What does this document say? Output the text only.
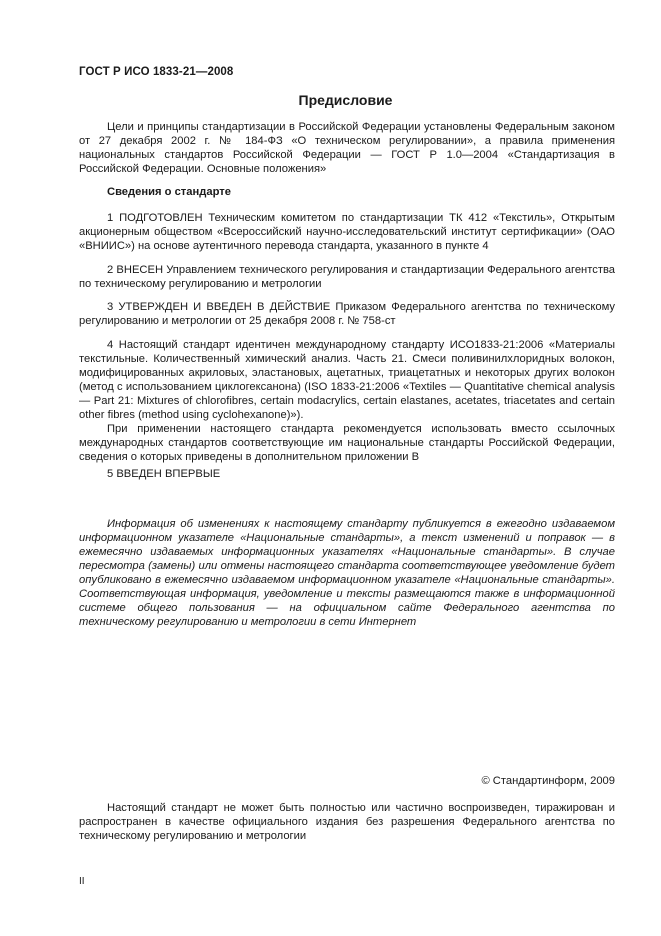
ГОСТ Р ИСО 1833-21—2008
Предисловие

Цели и принципы стандартизации в Российской Федерации установлены Федеральным законом от 27 декабря 2002 г. № 184-ФЗ «О техническом регулировании», а правила применения национальных стандартов Российской Федерации — ГОСТ Р 1.0—2004 «Стандартизация в Российской Федерации. Основные положения»

Сведения о стандарте

1 ПОДГОТОВЛЕН Техническим комитетом по стандартизации ТК 412 «Текстиль», Открытым акционерным обществом «Всероссийский научно-исследовательский институт сертификации» (ОАО «ВНИИС») на основе аутентичного перевода стандарта, указанного в пункте 4

2 ВНЕСЕН Управлением технического регулирования и стандартизации Федерального агентства по техническому регулированию и метрологии

3 УТВЕРЖДЕН И ВВЕДЕН В ДЕЙСТВИЕ Приказом Федерального агентства по техническому регулированию и метрологии от 25 декабря 2008 г. № 758-ст

4 Настоящий стандарт идентичен международному стандарту ИСО1833-21:2006 «Материалы текстильные. Количественный химический анализ. Часть 21. Смеси поливинилхлоридных волокон, модифицированных акриловых, эластановых, ацетатных, триацетатных и некоторых других волокон (метод с использованием циклогексанона) (ISO 1833-21:2006 «Textiles — Quantitative chemical analysis — Part 21: Mixtures of chlorofibres, certain modacrylics, certain elastanes, acetates, triacetates and certain other fibres (method using cyclohexanone)»).

При применении настоящего стандарта рекомендуется использовать вместо ссылочных международных стандартов соответствующие им национальные стандарты Российской Федерации, сведения о которых приведены в дополнительном приложении В

5 ВВЕДЕН ВПЕРВЫЕ

Информация об изменениях к настоящему стандарту публикуется в ежегодно издаваемом информационном указателе «Национальные стандарты», а текст изменений и поправок — в ежемесячно издаваемых информационных указателях «Национальные стандарты». В случае пересмотра (замены) или отмены настоящего стандарта соответствующее уведомление будет опубликовано в ежемесячно издаваемом информационном указателе «Национальные стандарты». Соответствующая информация, уведомление и тексты размещаются также в информационной системе общего пользования — на официальном сайте Федерального агентства по техническому регулированию и метрологии в сети Интернет

© Стандартинформ, 2009

Настоящий стандарт не может быть полностью или частично воспроизведен, тиражирован и распространен в качестве официального издания без разрешения Федерального агентства по техническому регулированию и метрологии

II
